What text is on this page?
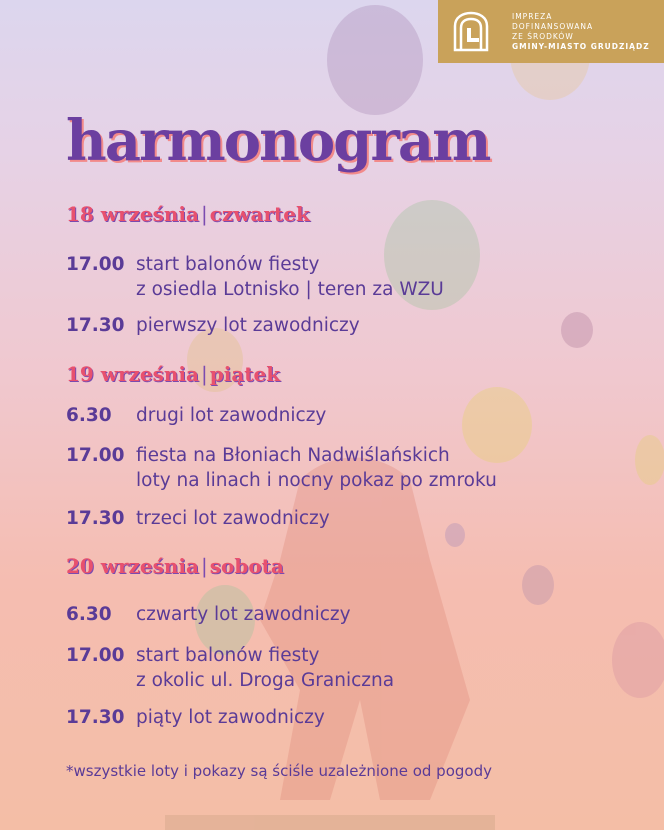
IMPREZA
DOFINANSOWANA
ZE ŚRODKÓW
GMINY-MIASTO GRUDZIĄDZ
harmonogram
18 września | czwartek
17.00 start balonów fiesty
z osiedla Lotnisko | teren za WZU
17.30 pierwszy lot zawodniczy
19 września | piątek
6.30	drugi lot zawodniczy
17.00 fiesta na Błoniach Nadwiślańskich
loty na linach i nocny pokaz po zmroku
17.30 trzeci lot zawodniczy
20 września | sobota
6.30	czwarty lot zawodniczy
17.00 start balonów fiesty
z okolic ul. Droga Graniczna
17.30 piąty lot zawodniczy
*wszystkie loty i pokazy są ściśle uzależnione od pogody
